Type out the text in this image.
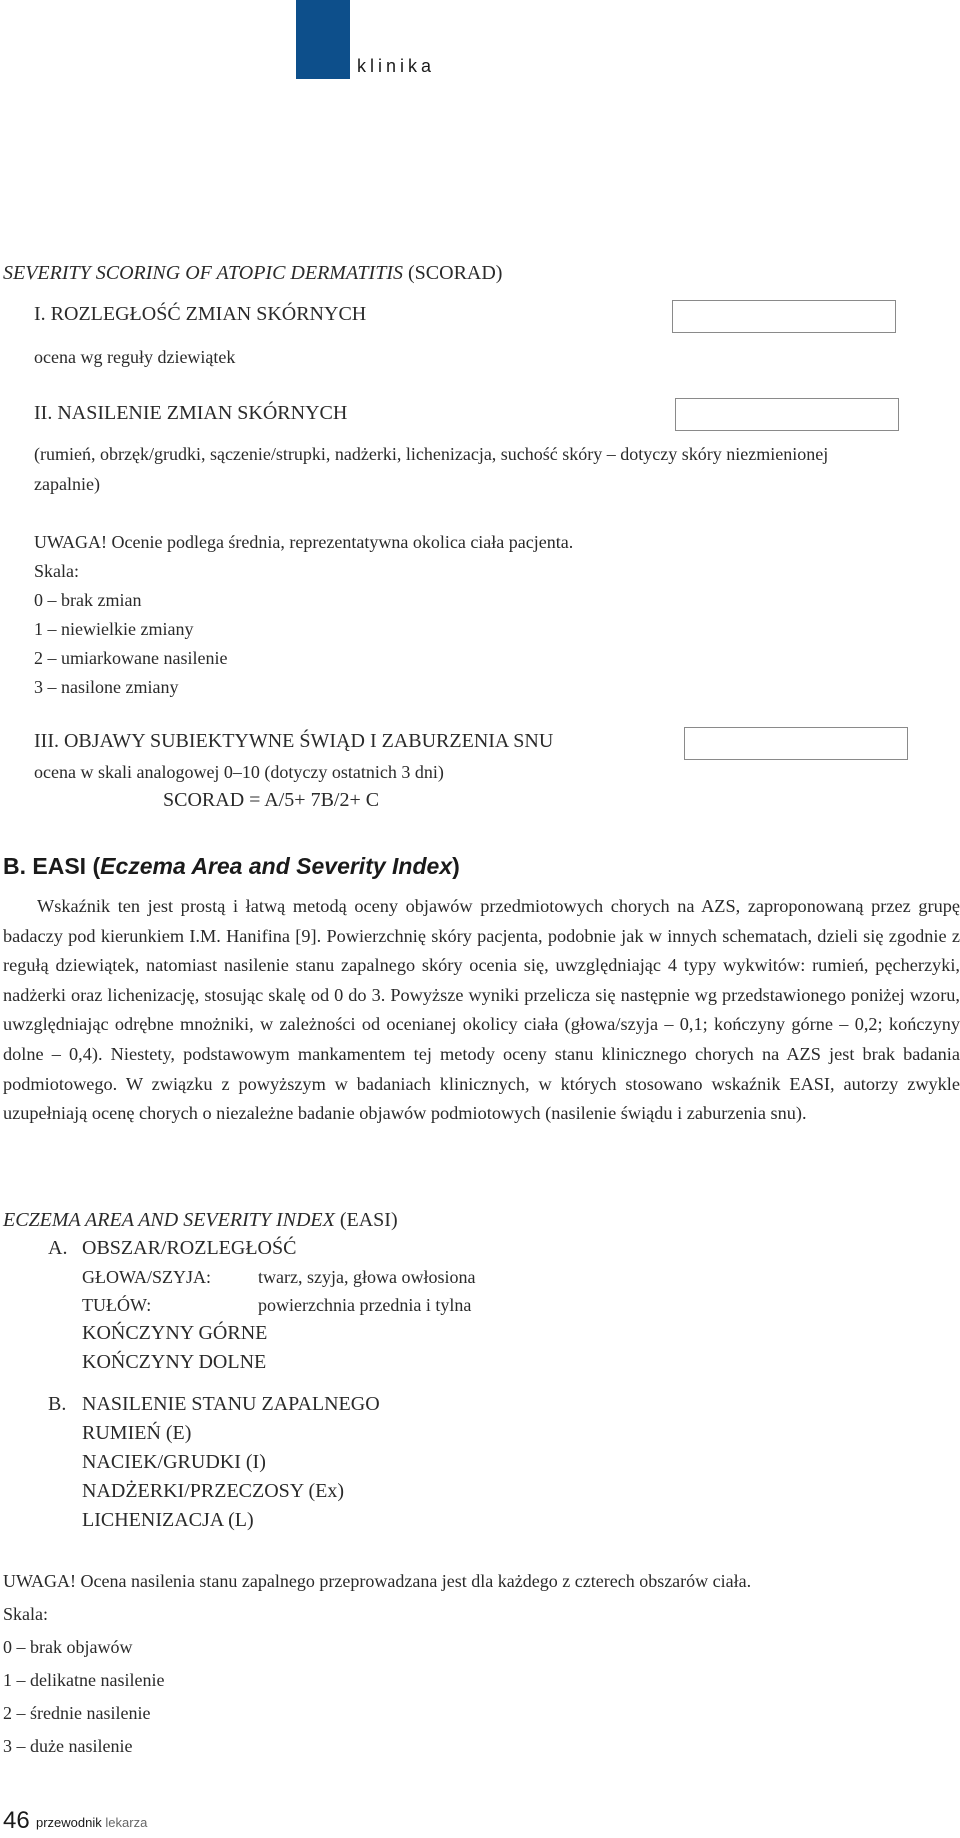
klinika
SEVERITY SCORING OF ATOPIC DERMATITIS (SCORAD)
I. ROZLEGŁOŚĆ ZMIAN SKÓRNYCH
ocena wg reguły dziewiątek
II. NASILENIE ZMIAN SKÓRNYCH
(rumień, obrzęk/grudki, sączenie/strupki, nadżerki, lichenizacja, suchość skóry – dotyczy skóry niezmienionej
zapalnie)
UWAGA! Ocenie podlega średnia, reprezentatywna okolica ciała pacjenta.
Skala:
0 – brak zmian
1 – niewielkie zmiany
2 – umiarkowane nasilenie
3 – nasilone zmiany
III. OBJAWY SUBIEKTYWNE ŚWIĄD I ZABURZENIA SNU
ocena w skali analogowej 0–10 (dotyczy ostatnich 3 dni)
SCORAD = A/5+ 7B/2+ C
B. EASI (Eczema Area and Severity Index)

Wskaźnik ten jest prostą i łatwą metodą oceny objawów przedmiotowych chorych na AZS, zaproponowaną przez grupę badaczy pod kierunkiem I.M. Hanifina [9]. Powierzchnię skóry pacjenta, podobnie jak w innych schematach, dzieli się zgodnie z regułą dziewiątek, natomiast nasilenie stanu zapalnego skóry ocenia się, uwzględniając 4 typy wykwitów: rumień, pęcherzyki, nadżerki oraz lichenizację, stosując skalę od 0 do 3. Powyższe wyniki przelicza się następnie wg przedstawionego poniżej wzoru, uwzględniając odrębne mnożniki, w zależności od ocenianej okolicy ciała (głowa/szyja – 0,1; kończyny górne – 0,2; kończyny dolne – 0,4). Niestety, podstawowym mankamentem tej metody oceny stanu klinicznego chorych na AZS jest brak badania podmiotowego. W związku z powyższym w badaniach klinicznych, w których stosowano wskaźnik EASI, autorzy zwykle uzupełniają ocenę chorych o niezależne badanie objawów podmiotowych (nasilenie świądu i zaburzenia snu).

ECZEMA AREA AND SEVERITY INDEX (EASI)
A. OBSZAR/ROZLEGŁOŚĆ
GŁOWA/SZYJA:	twarz, szyja, głowa owłosiona
TUŁÓW:	powierzchnia przednia i tylna
KOŃCZYNY GÓRNE
KOŃCZYNY DOLNE
B. NASILENIE STANU ZAPALNEGO
RUMIEŃ (E)
NACIEK/GRUDKI (I)
NADŻERKI/PRZECZOSY (Ex)
LICHENIZACJA (L)
UWAGA! Ocena nasilenia stanu zapalnego przeprowadzana jest dla każdego z czterech obszarów ciała.
Skala:
0 – brak objawów
1 – delikatne nasilenie
2 – średnie nasilenie
3 – duże nasilenie
46 przewodnik lekarza
